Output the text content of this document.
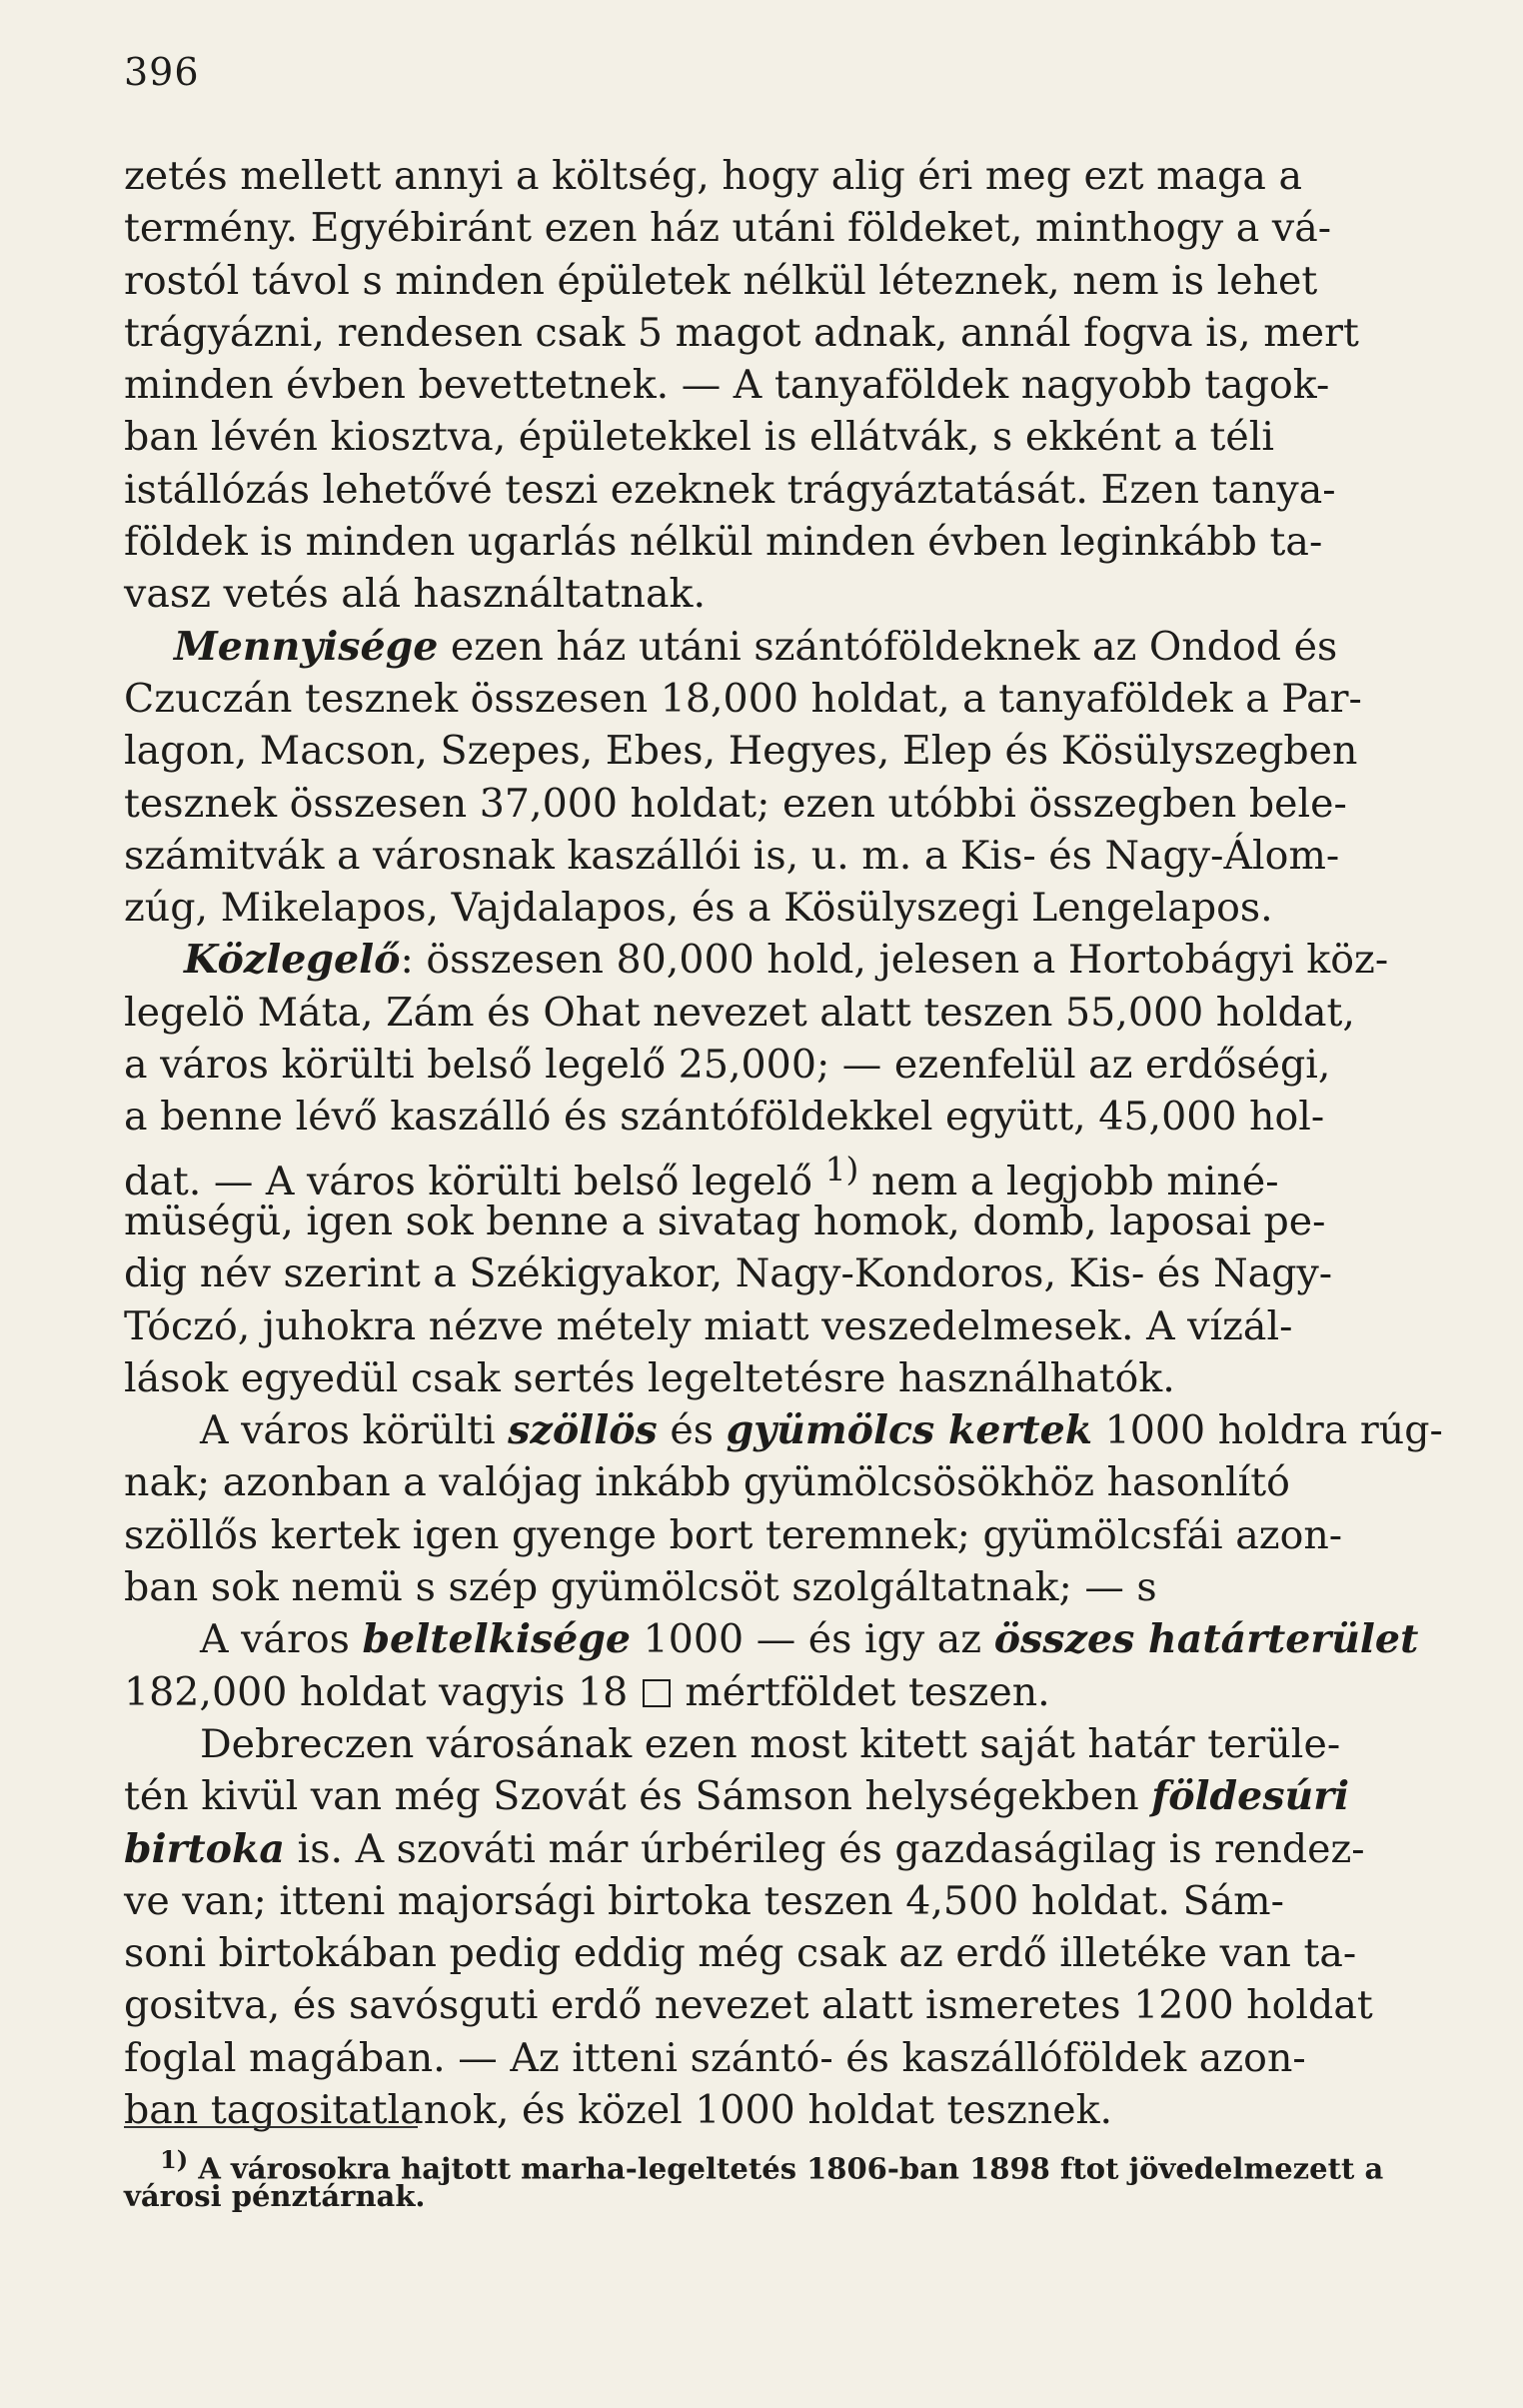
396
zetés mellett annyi a költség, hogy alig éri meg ezt maga a
termény. Egyébiránt ezen ház utáni földeket, minthogy a vá-
rostól távol s minden épületek nélkül léteznek, nem is lehet
trágyázni, rendesen csak 5 magot adnak, annál fogva is, mert
minden évben bevettetnek. — A tanyaföldek nagyobb tagok-
ban lévén kiosztva, épületekkel is ellátvák, s ekként a téli
istállózás lehetővé teszi ezeknek trágyáztatását. Ezen tanya-
földek is minden ugarlás nélkül minden évben leginkább ta-
vasz vetés alá használtatnak.
Mennyisége ezen ház utáni szántóföldeknek az Ondod és
Czuczán tesznek összesen 18,000 holdat, a tanyaföldek a Par-
lagon, Macson, Szepes, Ebes, Hegyes, Elep és Kösülyszegben
tesznek összesen 37,000 holdat; ezen utóbbi összegben bele-
számitvák a városnak kaszállói is, u. m. a Kis- és Nagy-Álom-
zúg, Mikelapos, Vajdalapos, és a Kösülyszegi Lengelapos.
Közlegelő: összesen 80,000 hold, jelesen a Hortobágyi köz-
legelö Máta, Zám és Ohat nevezet alatt teszen 55,000 holdat,
a város körülti belső legelő 25,000; — ezenfelül az erdőségi,
a benne lévő kaszálló és szántóföldekkel együtt, 45,000 hol-
dat. — A város körülti belső legelő $^{1)}$ nem a legjobb miné-
müségü, igen sok benne a sivatag homok, domb, laposai pe-
dig név szerint a Székigyakor, Nagy-Kondoros, Kis- és Nagy-
Tóczó, juhokra nézve métely miatt veszedelmesek. A vízál-
lások egyedül csak sertés legeltetésre használhatók.
A város körülti szöllös és gyümölcs kertek 1000 holdra rúg-
nak; azonban a valójag inkább gyümölcsösökhöz hasonlító
szöllős kertek igen gyenge bort teremnek; gyümölcsfái azon-
ban sok nemü s szép gyümölcsöt szolgáltatnak; — s
A város beltelkisége 1000 — és igy az összes határterület
182,000 holdat vagyis 18  mértföldet teszen.
Debreczen városának ezen most kitett saját határ terüle-
tén kivül van még Szovát és Sámson helységekben földesúri
birtoka is. A szováti már úrbérileg és gazdaságilag is rendez-
ve van; itteni majorsági birtoka teszen 4,500 holdat. Sám-
soni birtokában pedig eddig még csak az erdő illetéke van ta-
gositva, és savósguti erdő nevezet alatt ismeretes 1200 holdat
foglal magában. — Az itteni szántó- és kaszállóföldek azon-
ban tagositatlanok, és közel 1000 holdat tesznek.
$^{1)}$ A városokra hajtott marha-legeltetés 1806-ban 1898 ftot jövedelmezett a
városi pénztárnak.
